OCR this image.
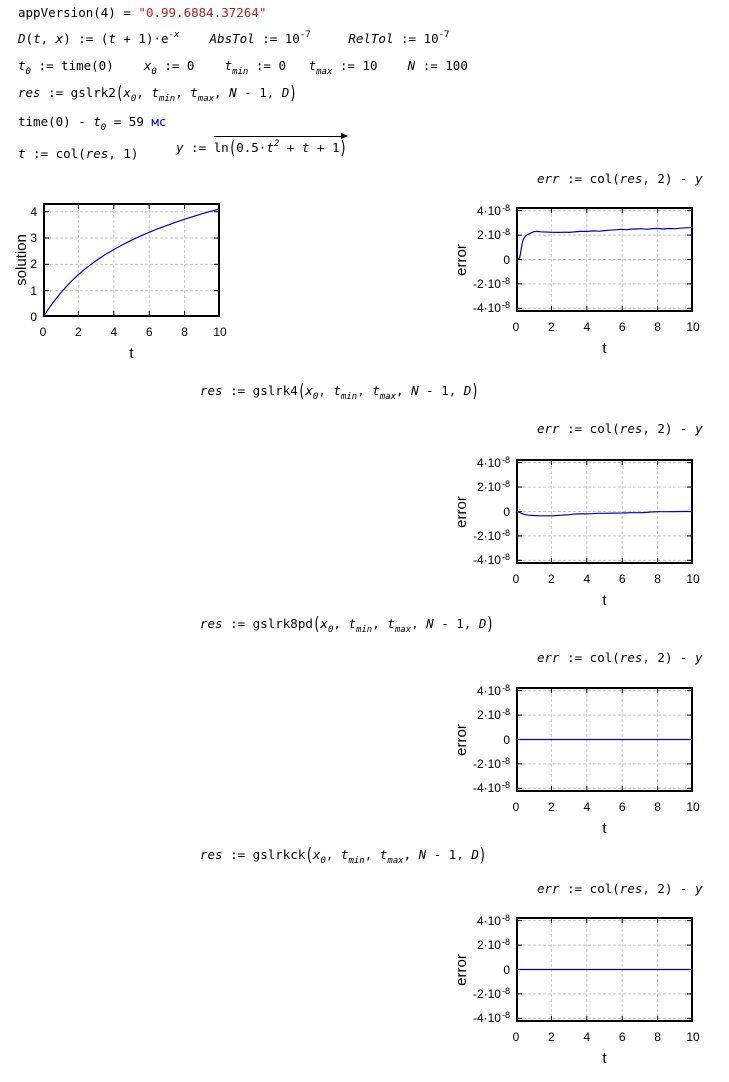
appVersion(4) = "0.99.6884.37264"
D(t, x) := $(t + 1)\cdot e^{-x}$ AbsTol := $10^{-7}$	RelTol := $10^{-7}$
$t_0$ := time(0) $x_0$ := 0 $t_{min}$ := 0 $t_{max}$ := 10 N := 100
res := $gslrk2(x_0$, $t_{min}$, $t_{max}$, N - 1, D)
time(0) - $t_0 = 59$ мс
t := col(res, 1)	y := $\ln(0.5\cdot t^2 + t + 1)$
err := col(res, 2) - y
0
1
2
3
4
0	2	4	6	8	10
solution
t
$-4\cdot 10^{-8}$
$-2\cdot 10^{-8}$
0
$2\cdot 10^{-8}$
$4\cdot 10^{-8}$
0	2	4	6	8	10
error
t
res := $gslrk4(x_0$, $t_{min}$, $t_{max}$, N - 1, D)
err := col(res, 2) - y
$-4\cdot 10^{-8}$
$-2\cdot 10^{-8}$
0
$2\cdot 10^{-8}$
$4\cdot 10^{-8}$
0	2	4	6	8	10
error
t
res := $gslrk8pd(x_0$, $t_{min}$, $t_{max}$, N - 1, D)
err := col(res, 2) - y
$-4\cdot 10^{-8}$
$-2\cdot 10^{-8}$
0
$2\cdot 10^{-8}$
$4\cdot 10^{-8}$
0	2	4	6	8	10
error
t
res := $gslrkck(x_0$, $t_{min}$, $t_{max}$, N - 1, D)
err := col(res, 2) - y
$-4\cdot 10^{-8}$
$-2\cdot 10^{-8}$
0
$2\cdot 10^{-8}$
$4\cdot 10^{-8}$
0	2	4	6	8	10
error
t
